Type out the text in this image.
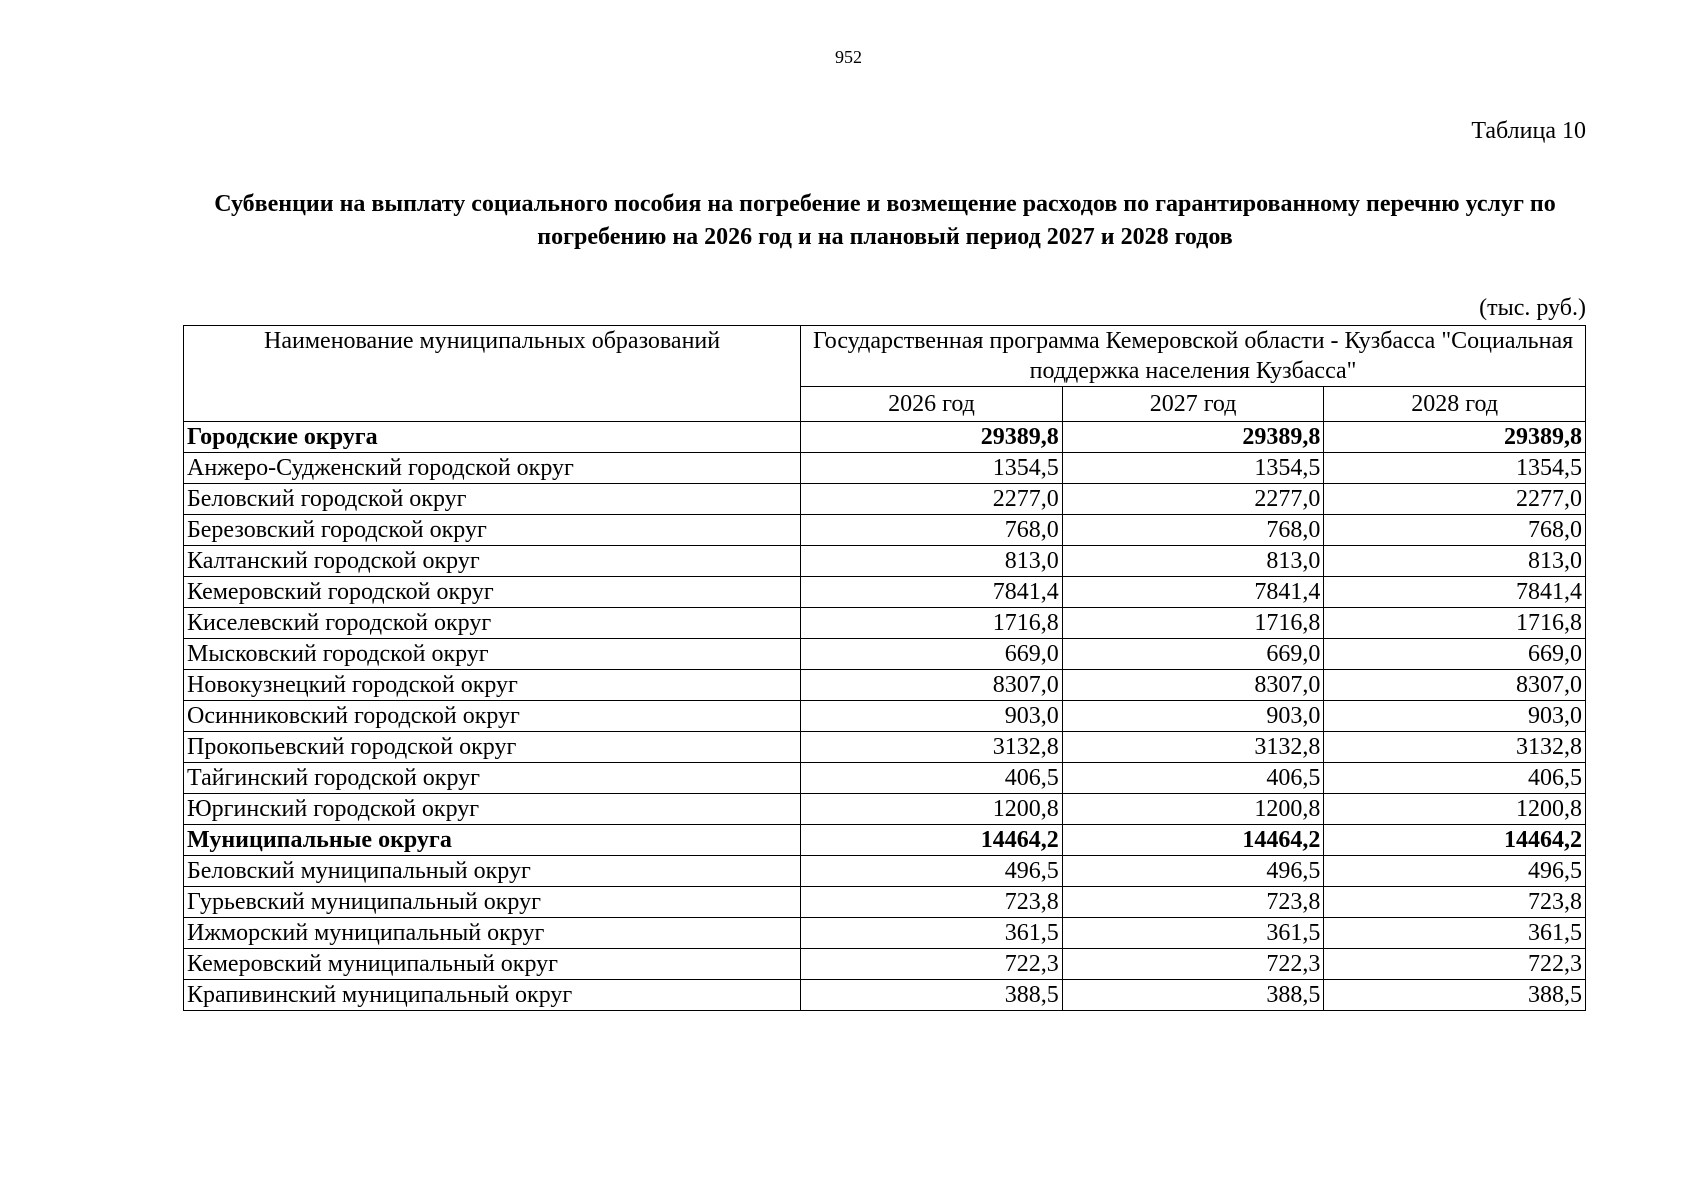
952
Таблица 10
Субвенции на выплату социального пособия на погребение и возмещение расходов по гарантированному перечню услуг по погребению на 2026 год и на плановый период 2027 и 2028 годов
(тыс. руб.)
Наименование муниципальных образований	Государственная программа Кемеровской области - Кузбасса "Социальная поддержка населения Кузбасса"		
	2026 год	2027 год	2028 год
Городские округа	29389,8	29389,8	29389,8
Анжеро-Судженский городской округ	1354,5	1354,5	1354,5
Беловский городской округ	2277,0	2277,0	2277,0
Березовский городской округ	768,0	768,0	768,0
Калтанский городской округ	813,0	813,0	813,0
Кемеровский городской округ	7841,4	7841,4	7841,4
Киселевский городской округ	1716,8	1716,8	1716,8
Мысковский городской округ	669,0	669,0	669,0
Новокузнецкий городской округ	8307,0	8307,0	8307,0
Осинниковский городской округ	903,0	903,0	903,0
Прокопьевский городской округ	3132,8	3132,8	3132,8
Тайгинский городской округ	406,5	406,5	406,5
Юргинский городской округ	1200,8	1200,8	1200,8
Муниципальные округа	14464,2	14464,2	14464,2
Беловский муниципальный округ	496,5	496,5	496,5
Гурьевский муниципальный округ	723,8	723,8	723,8
Ижморский муниципальный округ	361,5	361,5	361,5
Кемеровский муниципальный округ	722,3	722,3	722,3
Крапивинский муниципальный округ	388,5	388,5	388,5
